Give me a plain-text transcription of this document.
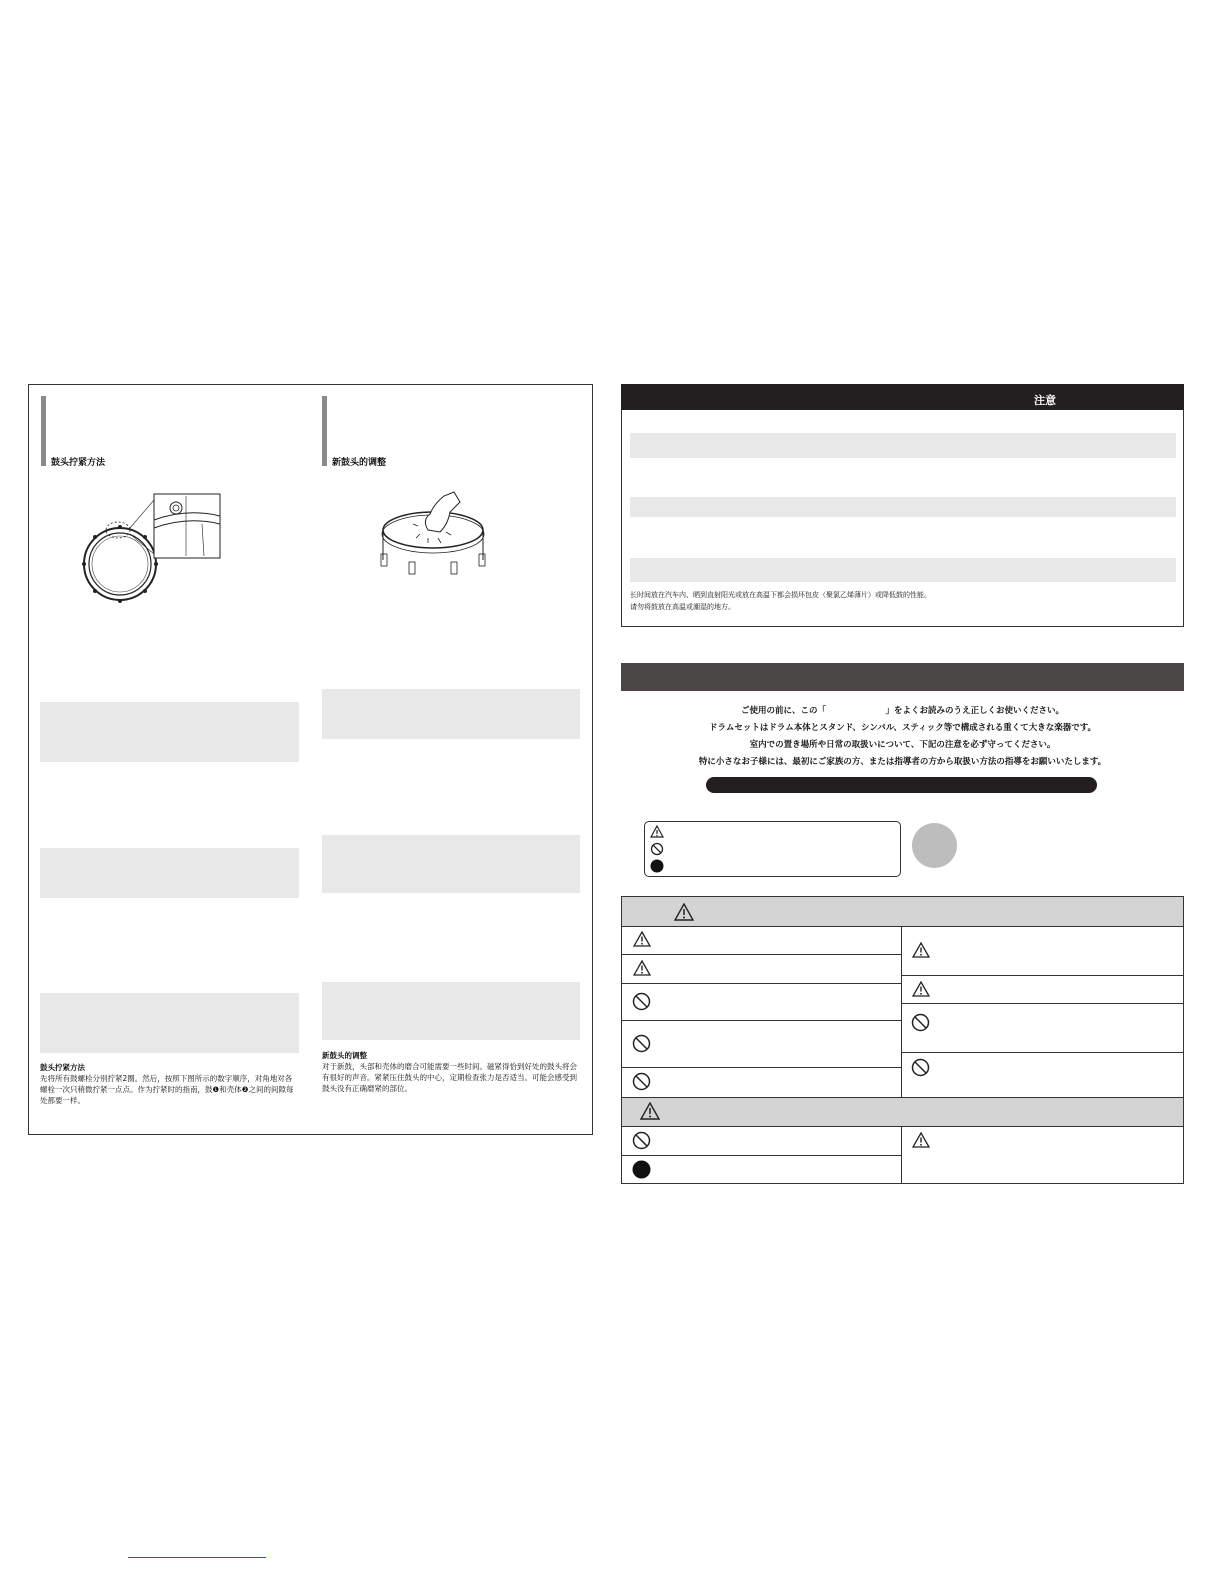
鼓头拧紧方法
鼓头拧紧方法
先将所有鼓螺栓分别拧紧2圈。然后，按照下图所示的数字顺序，对角地对各螺栓一次只稍微拧紧一点点。作为拧紧时的指南，鼓❶和壳体❷之间的间隙每处都要一样。
新鼓头的调整
新鼓头的调整
对于新鼓，头部和壳体的磨合可能需要一些时间。磁紧得恰到好处的鼓头将会有很好的声音。紧紧压住鼓头的中心，定期检查张力是否适当。可能会感受到鼓头没有正确磨紧的部位。
注意
长时间放在汽车内、晒到直射阳光或放在高温下都会损坏包皮（聚氯乙烯薄片）或降低鼓的性能。
请勿将鼓放在高温或潮湿的地方。
ご使用の前に、この「　　　　　　　」をよくお読みのうえ正しくお使いください。
ドラムセットはドラム本体とスタンド、シンバル、スティック等で構成される重くて大きな楽器です。
室内での置き場所や日常の取扱いについて、下記の注意を必ず守ってください。
特に小さなお子様には、最初にご家族の方、または指導者の方から取扱い方法の指導をお願いいたします。
